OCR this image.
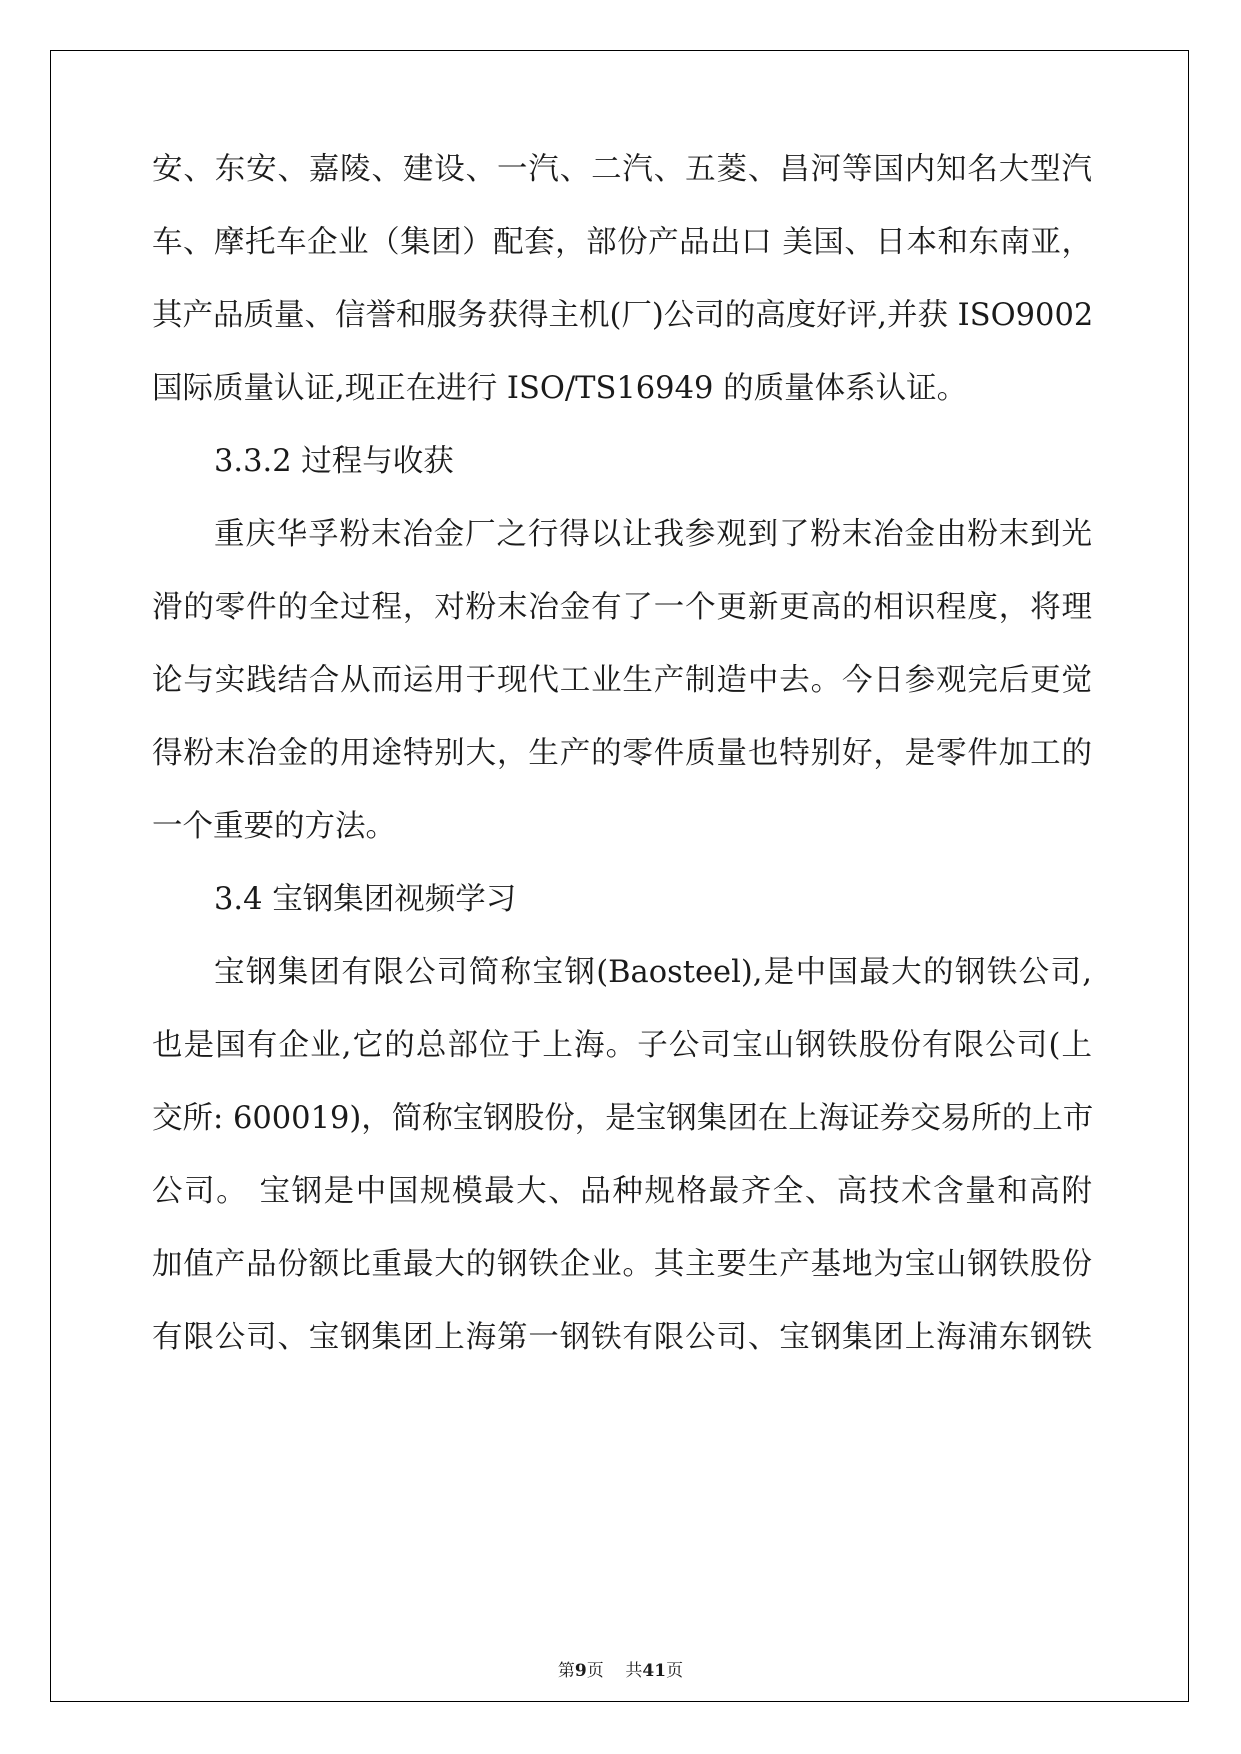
安、东安、嘉陵、建设、一汽、二汽、五菱、昌河等国内知名大型汽
车、摩托车企业（集团）配套，部份产品出口 美国、日本和东南亚，
其产品质量、信誉和服务获得主机(厂)公司的高度好评,并获 ISO9002
国际质量认证,现正在进行 ISO/TS16949 的质量体系认证。
3.3.2 过程与收获
重庆华孚粉末冶金厂之行得以让我参观到了粉末冶金由粉末到光
滑的零件的全过程，对粉末冶金有了一个更新更高的相识程度，将理
论与实践结合从而运用于现代工业生产制造中去。今日参观完后更觉
得粉末冶金的用途特别大，生产的零件质量也特别好，是零件加工的
一个重要的方法。
3.4 宝钢集团视频学习
宝钢集团有限公司简称宝钢(Baosteel),是中国最大的钢铁公司,
也是国有企业,它的总部位于上海。子公司宝山钢铁股份有限公司(上
交所: 600019)，简称宝钢股份，是宝钢集团在上海证券交易所的上市
公司。 宝钢是中国规模最大、品种规格最齐全、高技术含量和高附
加值产品份额比重最大的钢铁企业。其主要生产基地为宝山钢铁股份
有限公司、宝钢集团上海第一钢铁有限公司、宝钢集团上海浦东钢铁
第9页    共41页
